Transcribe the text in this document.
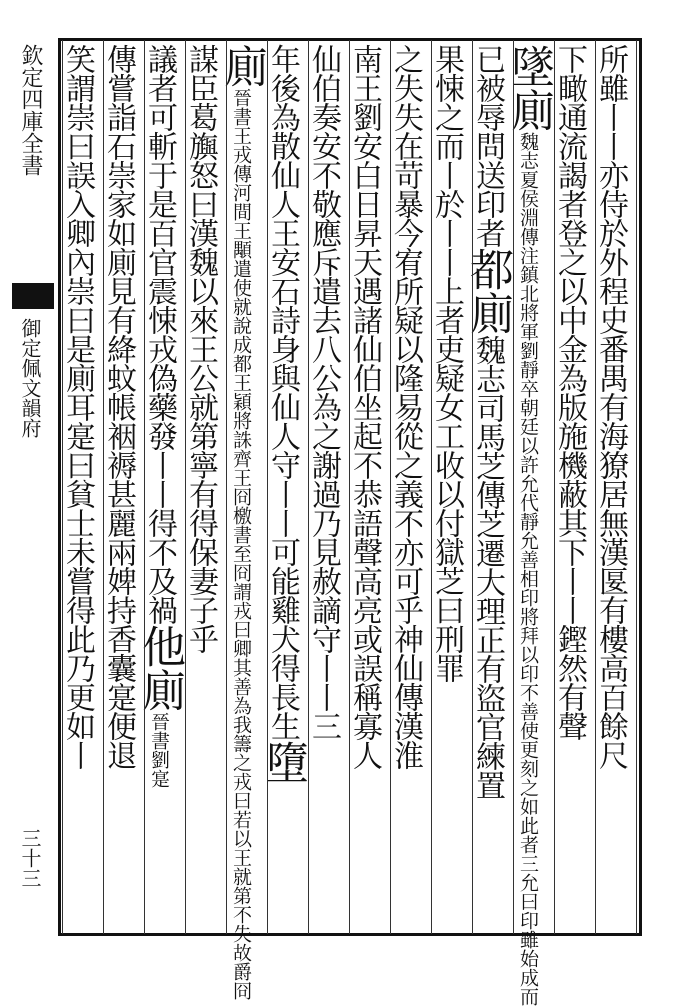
欽定四庫全書
御定佩文韻府
三十三
所雖丨丨亦侍於外程史番禺有海獠居無漢匽有樓高百餘尺
下瞰通流謁者登之以中金為版施機蔽其下丨丨鏗然有聲
墜廁魏志夏侯淵傳注鎮北將軍劉靜卒朝廷以許允代靜允善相印將拜以印不善使更刻之如此者三允曰印雖始成而
已被辱問送印者都廁魏志司馬芝傳芝遷大理正有盜官練置
果悚之而丨於丨丨上者吏疑女工收以付獄芝曰刑罪
之失失在苛暴今宥所疑以隆易從之義不亦可乎神仙傳漢淮
南王劉安白日昇天遇諸仙伯坐起不恭語聲高亮或誤稱寡人
仙伯奏安不敬應斥遣去八公為之謝過乃見赦謫守丨丨三
年後為散仙人王安石詩身與仙人守丨丨可能雞犬得長生墮
廁晉書王戎傳河間王顒遣使就說成都王穎將誅齊王冏檄書至冏謂戎曰卿其善為我籌之戎曰若以王就第不失故爵冏
謀臣葛旟怒曰漢魏以來王公就第寧有得保妻子乎
議者可斬于是百官震悚戎偽藥發丨丨得不及禍他廁晉書劉寔
傳嘗詣石崇家如廁見有絳蚊帳裀褥甚麗兩婢持香囊寔便退
笑謂崇曰誤入卿內崇曰是廁耳寔曰貧士未嘗得此乃更如丨
